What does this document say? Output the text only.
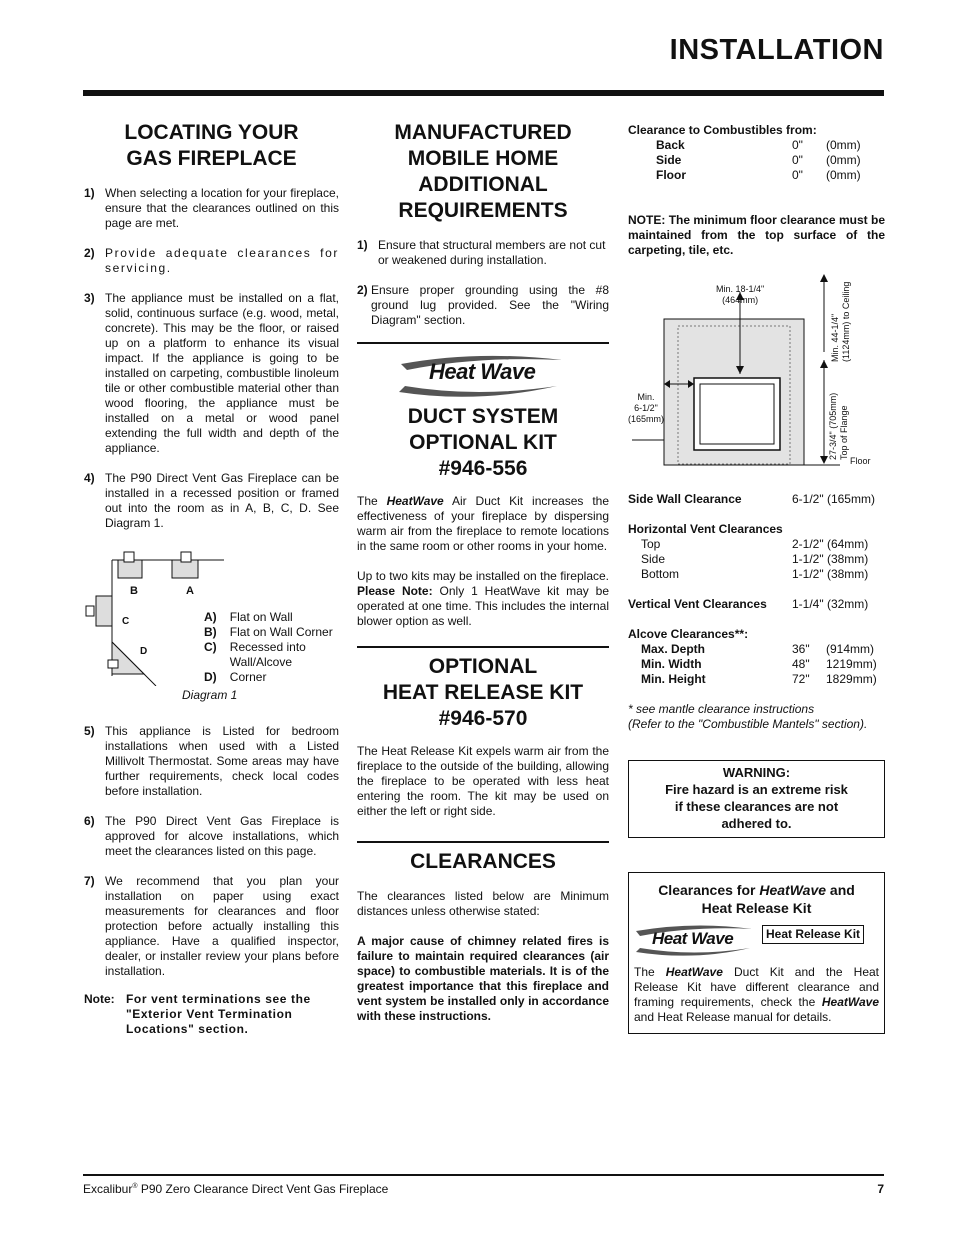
INSTALLATION
LOCATING YOUR
GAS FIREPLACE
1) When selecting a location for your fireplace, ensure that the clearances outlined on this page are met.
2) Provide adequate clearances for servicing.
3) The appliance must be installed on a flat, solid, continuous surface (e.g. wood, metal, concrete). This may be the floor, or raised up on a platform to enhance its visual impact. If the appliance is going to be installed on carpeting, combustible linoleum tile or other combustible material other than wood flooring, the appliance must be installed on a metal or wood panel extending the full width and depth of the appliance.
4) The P90 Direct Vent Gas Fireplace can be installed in a recessed position or framed out into the room as in A, B, C, D. See Diagram 1.
B	A
C
D
A)	Flat on Wall
B)	Flat on Wall Corner
C)	Recessed into Wall/Alcove
D)	Corner
Diagram 1
5) This appliance is Listed for bedroom installations when used with a Listed Millivolt Thermostat. Some areas may have further requirements, check local codes before installation.
6) The P90 Direct Vent Gas Fireplace is approved for alcove installations, which meet the clearances listed on this page.
7) We recommend that you plan your installation on paper using exact measurements for clearances and floor protection before actually installing this appliance. Have a qualified inspector, dealer, or installer review your plans before installation.
Note: For vent terminations see the "Exterior Vent Termination Locations" section.
MANUFACTURED
MOBILE HOME
ADDITIONAL
REQUIREMENTS
1) Ensure that structural members are not cut or weakened during installation.
2) Ensure proper grounding using the #8 ground lug provided. See the "Wiring Diagram" section.
Heat Wave
DUCT SYSTEM
OPTIONAL KIT
#946-556

The HeatWave Air Duct Kit increases the effectiveness of your fireplace by dispersing warm air from the fireplace to remote locations in the same room or other rooms in your home.

Up to two kits may be installed on the fireplace. Please Note: Only 1 HeatWave kit may be operated at one time. This includes the internal blower option as well.

OPTIONAL
HEAT RELEASE KIT
#946-570

The Heat Release Kit expels warm air from the fireplace to the outside of the building, allowing the fireplace to be operated with less heat entering the room. The kit may be used on either the left or right side.

CLEARANCES

The clearances listed below are Minimum distances unless otherwise stated:

A major cause of chimney related fires is failure to maintain required clearances (air space) to combustible materials. It is of the greatest importance that this fireplace and vent system be installed only in accordance with these instructions.

Clearance to Combustibles from:
Back	0"	(0mm)
Side	0"	(0mm)
Floor	0"	(0mm)

NOTE: The minimum floor clearance must be maintained from the top surface of the carpeting, tile, etc.

Min. 18-1/4"
(464mm)
Min.
6-1/2"
(165mm)
Min. 44-1/4"
(1124mm) to Ceiling
27-3/4" (705mm)
Top of Flange
Floor
Side Wall Clearance	6-1/2" (165mm)	

Horizontal Vent Clearances		
Top	2-1/2" (64mm)	
Side	1-1/2" (38mm)	
Bottom	1-1/2" (38mm)	

Vertical Vent Clearances	1-1/4" (32mm)	

Alcove Clearances**:		
Max. Depth	36"	(914mm)
Min. Width	48"	1219mm)
Min. Height	72"	1829mm)
* see mantle clearance instructions
(Refer to the "Combustible Mantels" section).
WARNING:
Fire hazard is an extreme risk
if these clearances are not
adhered to.
Clearances for HeatWave and
Heat Release Kit
Heat Wave	Heat Release Kit

The HeatWave Duct Kit and the Heat Release Kit have different clearance and framing requirements, check the HeatWave and Heat Release manual for details.

Excalibur® P90 Zero Clearance Direct Vent Gas Fireplace	7
